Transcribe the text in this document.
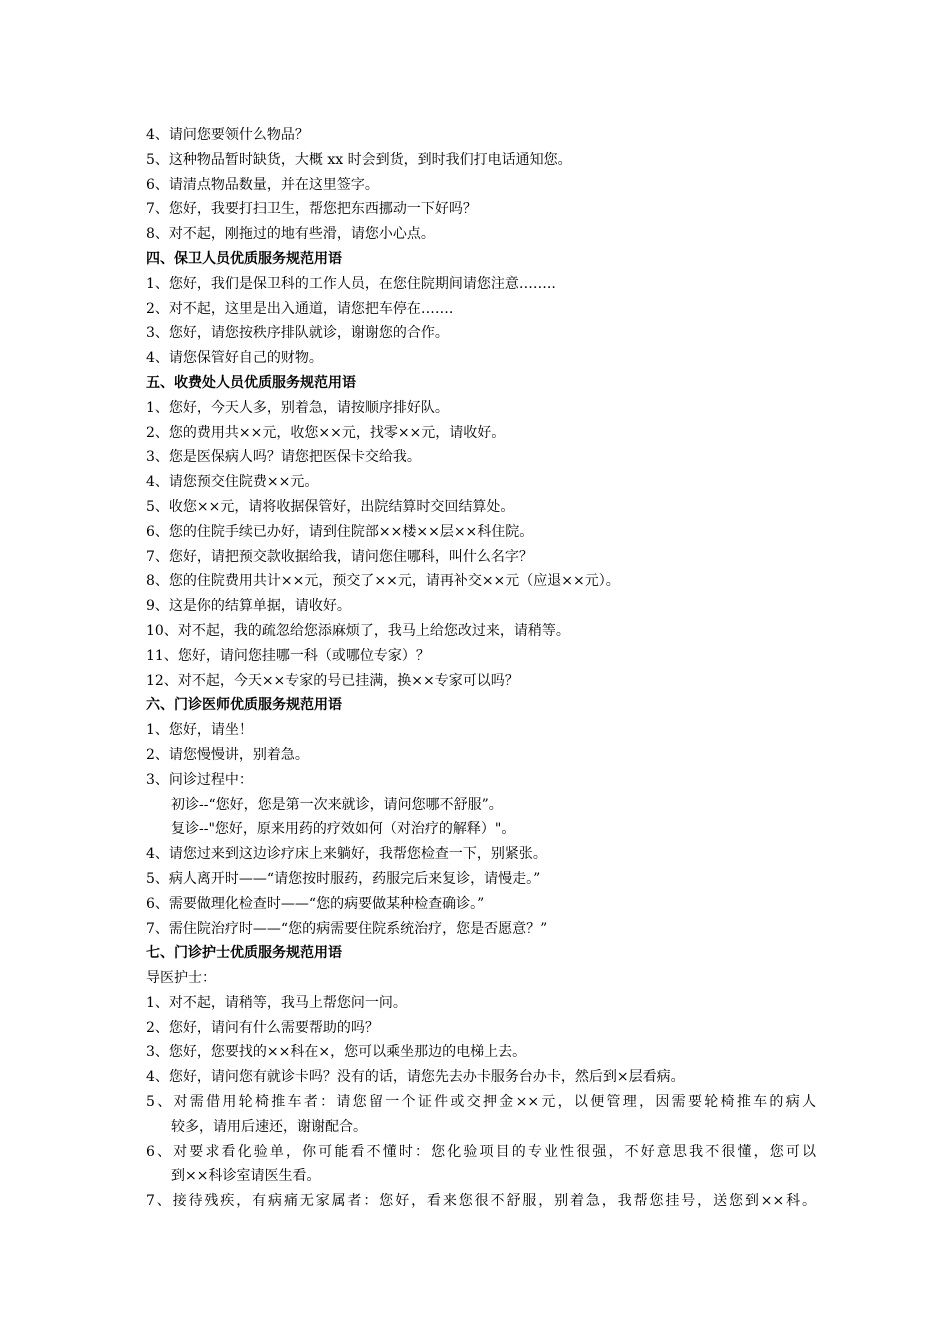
4、请问您要领什么物品？
5、这种物品暂时缺货，大概 xx 时会到货，到时我们打电话通知您。
6、请清点物品数量，并在这里签字。
7、您好，我要打扫卫生，帮您把东西挪动一下好吗？
8、对不起，刚拖过的地有些滑，请您小心点。
四、保卫人员优质服务规范用语
1、您好，我们是保卫科的工作人员，在您住院期间请您注意……..
2、对不起，这里是出入通道，请您把车停在…….
3、您好，请您按秩序排队就诊，谢谢您的合作。
4、请您保管好自己的财物。
五、收费处人员优质服务规范用语
1、您好，今天人多，别着急，请按顺序排好队。
2、您的费用共××元，收您××元，找零××元，请收好。
3、您是医保病人吗？请您把医保卡交给我。
4、请您预交住院费××元。
5、收您××元，请将收据保管好，出院结算时交回结算处。
6、您的住院手续已办好，请到住院部××楼××层××科住院。
7、您好，请把预交款收据给我，请问您住哪科，叫什么名字？
8、您的住院费用共计××元，预交了××元，请再补交××元（应退××元）。
9、这是你的结算单据，请收好。
10、对不起，我的疏忽给您添麻烦了，我马上给您改过来，请稍等。
11、您好，请问您挂哪一科（或哪位专家）？
12、对不起，今天××专家的号已挂满，换××专家可以吗？
六、门诊医师优质服务规范用语
1、您好，请坐！
2、请您慢慢讲，别着急。
3、问诊过程中：
初诊--“您好，您是第一次来就诊，请问您哪不舒服”。
复诊--"您好，原来用药的疗效如何（对治疗的解释）"。
4、请您过来到这边诊疗床上来躺好，我帮您检查一下，别紧张。
5、病人离开时——“请您按时服药，药服完后来复诊，请慢走。”
6、需要做理化检查时——“您的病要做某种检查确诊。”
7、需住院治疗时——“您的病需要住院系统治疗，您是否愿意？”
七、门诊护士优质服务规范用语
导医护士：
1、对不起，请稍等，我马上帮您问一问。
2、您好，请问有什么需要帮助的吗？
3、您好，您要找的××科在×，您可以乘坐那边的电梯上去。
4、您好，请问您有就诊卡吗？没有的话，请您先去办卡服务台办卡，然后到×层看病。
5、对需借用轮椅推车者：请您留一个证件或交押金××元，以便管理，因需要轮椅推车的病人
较多，请用后速还，谢谢配合。
6、对要求看化验单，你可能看不懂时：您化验项目的专业性很强，不好意思我不很懂，您可以
到××科诊室请医生看。
7、接待残疾，有病痛无家属者：您好，看来您很不舒服，别着急，我帮您挂号，送您到××科。
